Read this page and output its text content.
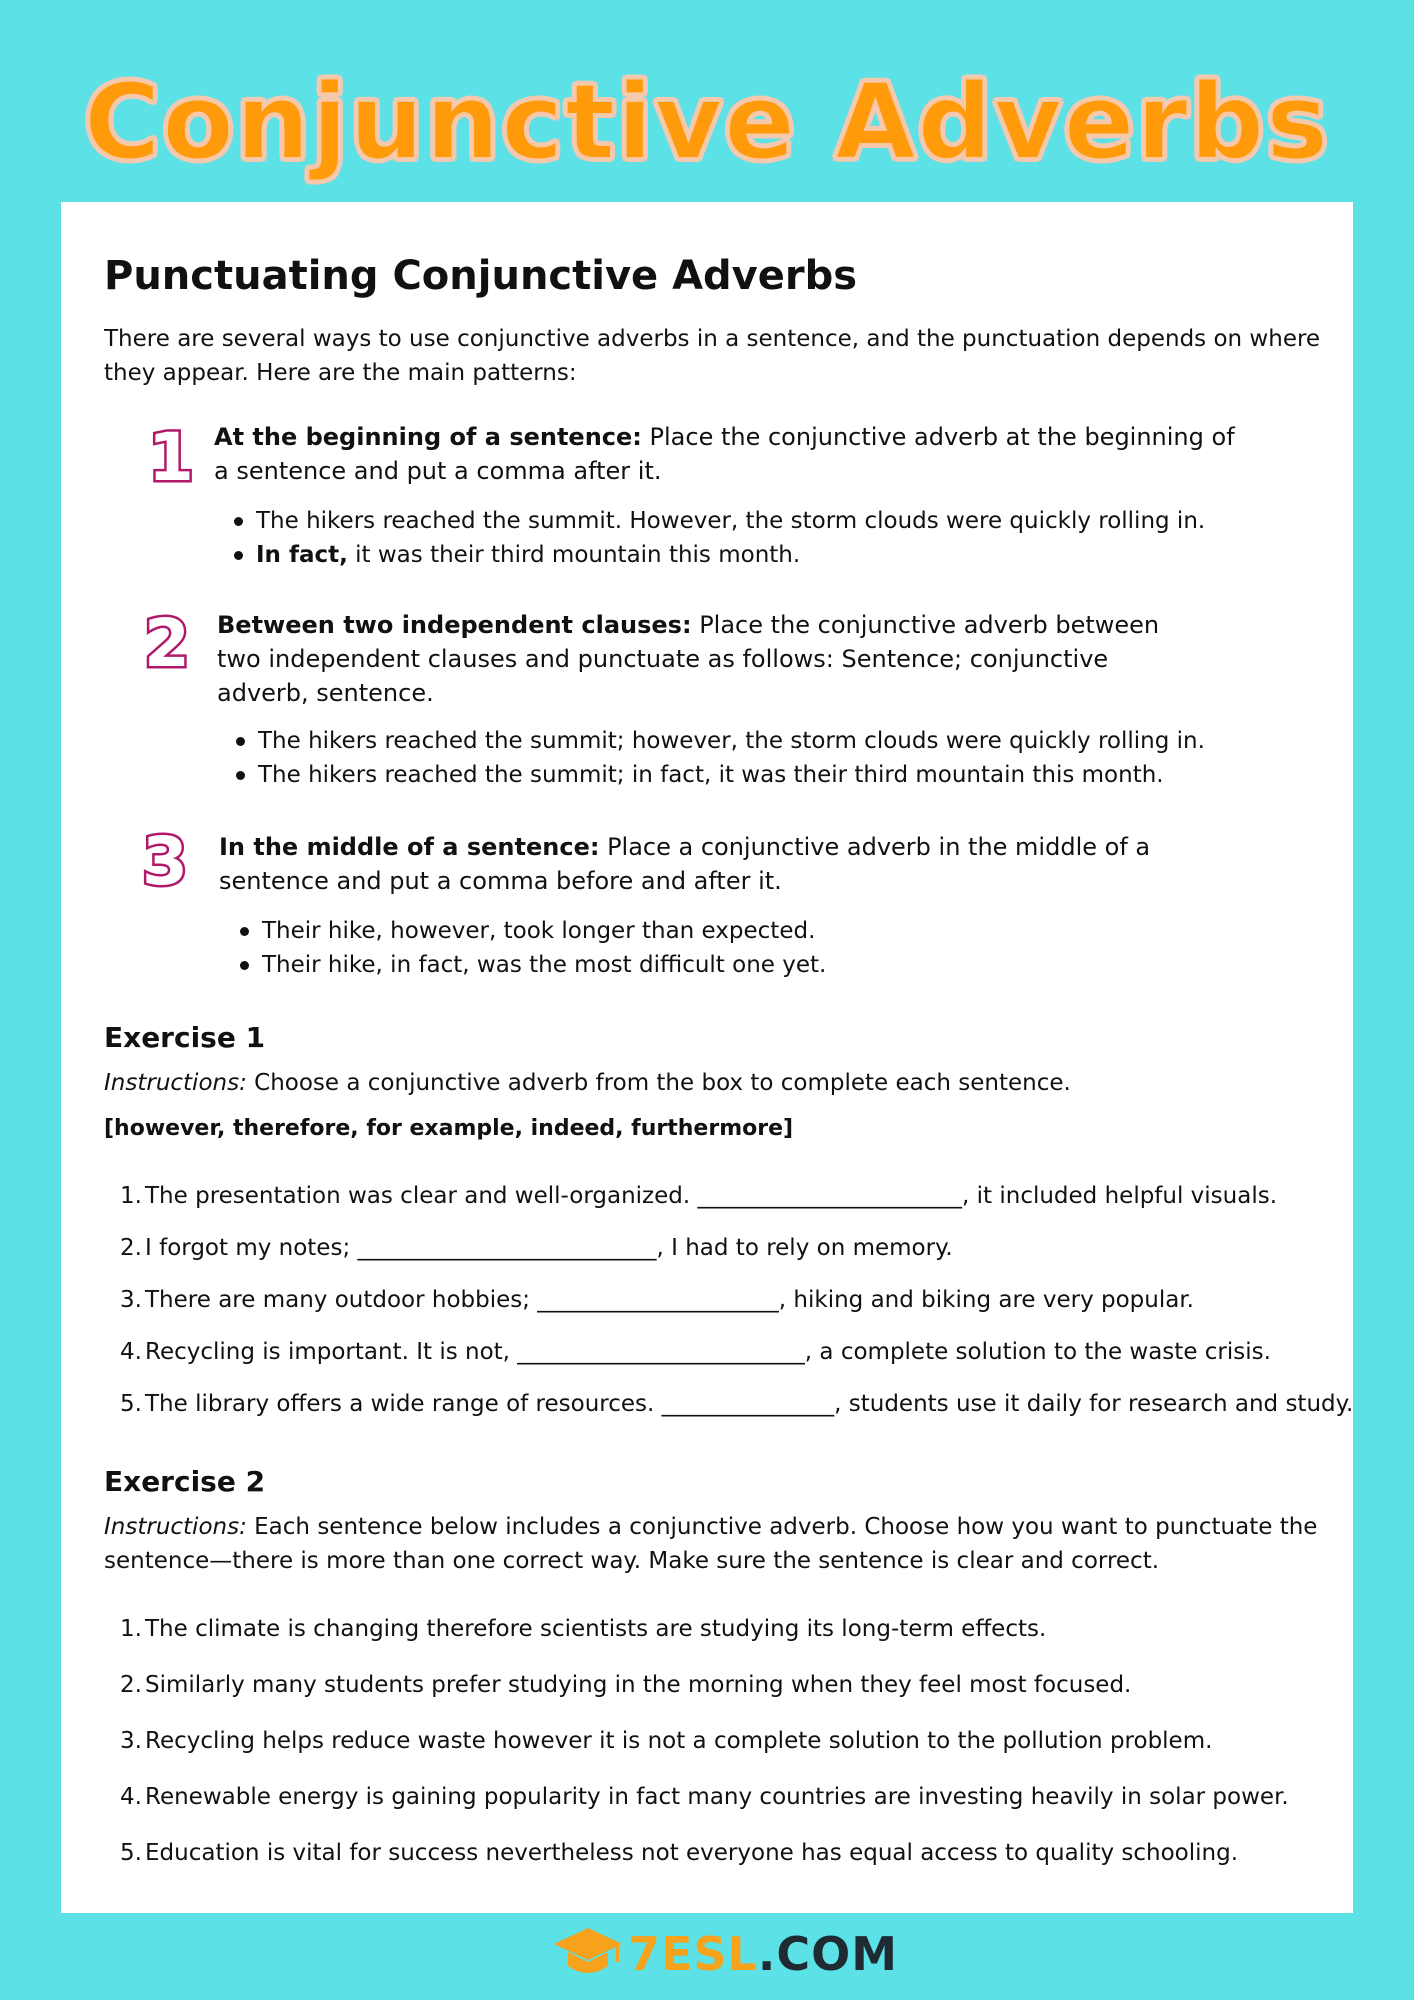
Conjunctive Adverbs
Punctuating Conjunctive Adverbs
There are several ways to use conjunctive adverbs in a sentence, and the punctuation depends on where they appear. Here are the main patterns:
1 At the beginning of a sentence: Place the conjunctive adverb at the beginning of a sentence and put a comma after it.
The hikers reached the summit. However, the storm clouds were quickly rolling in.
In fact, it was their third mountain this month.
2 Between two independent clauses: Place the conjunctive adverb between two independent clauses and punctuate as follows: Sentence; conjunctive adverb, sentence.
The hikers reached the summit; however, the storm clouds were quickly rolling in.
The hikers reached the summit; in fact, it was their third mountain this month.
3 In the middle of a sentence: Place a conjunctive adverb in the middle of a sentence and put a comma before and after it.
Their hike, however, took longer than expected.
Their hike, in fact, was the most difficult one yet.
Exercise 1
Instructions: Choose a conjunctive adverb from the box to complete each sentence.
[however, therefore, for example, indeed, furthermore]
1. The presentation was clear and well-organized. _______________________, it included helpful visuals.
2. I forgot my notes; __________________________, I had to rely on memory.
3. There are many outdoor hobbies; _____________________, hiking and biking are very popular.
4. Recycling is important. It is not, _________________________, a complete solution to the waste crisis.
5. The library offers a wide range of resources. _______________, students use it daily for research and study.
Exercise 2
Instructions: Each sentence below includes a conjunctive adverb. Choose how you want to punctuate the sentence—there is more than one correct way. Make sure the sentence is clear and correct.
1. The climate is changing therefore scientists are studying its long-term effects.
2. Similarly many students prefer studying in the morning when they feel most focused.
3. Recycling helps reduce waste however it is not a complete solution to the pollution problem.
4. Renewable energy is gaining popularity in fact many countries are investing heavily in solar power.
5. Education is vital for success nevertheless not everyone has equal access to quality schooling.
7ESL.COM
